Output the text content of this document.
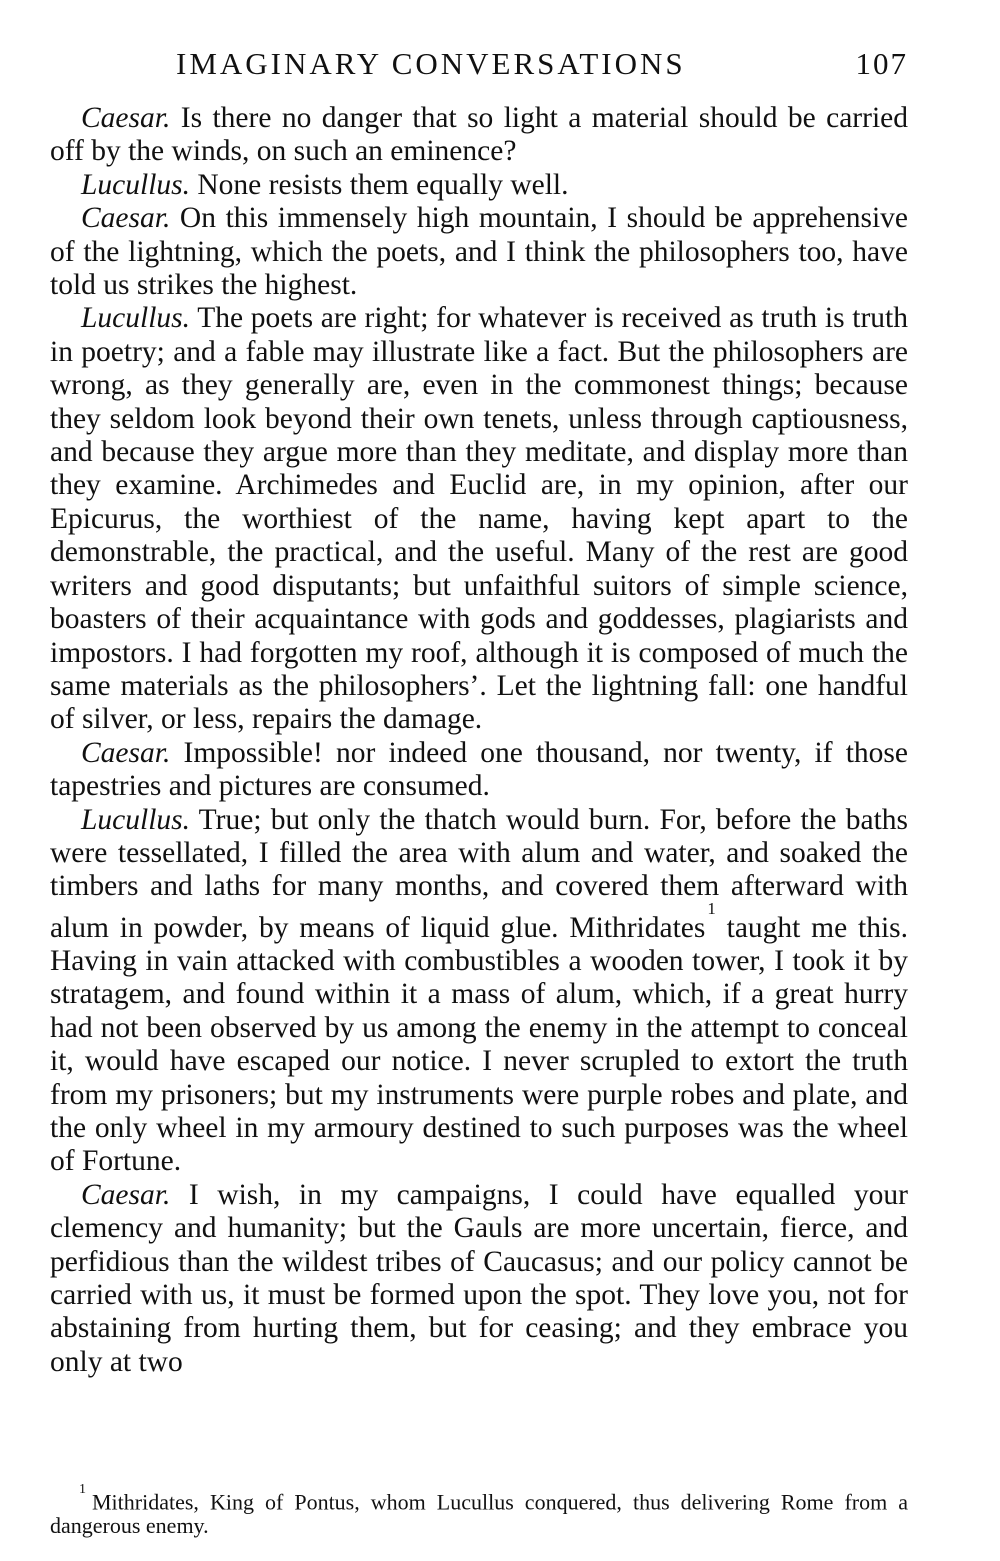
IMAGINARY CONVERSATIONS	107

Caesar. Is there no danger that so light a material should be carried off by the winds, on such an eminence?

Lucullus. None resists them equally well.

Caesar. On this immensely high mountain, I should be apprehensive of the lightning, which the poets, and I think the philosophers too, have told us strikes the highest.

Lucullus. The poets are right; for whatever is received as truth is truth in poetry; and a fable may illustrate like a fact. But the philosophers are wrong, as they generally are, even in the commonest things; because they seldom look beyond their own tenets, unless through captiousness, and because they argue more than they meditate, and display more than they examine. Archimedes and Euclid are, in my opinion, after our Epicurus, the worthiest of the name, having kept apart to the demonstrable, the practical, and the useful. Many of the rest are good writers and good disputants; but unfaithful suitors of simple science, boasters of their acquaintance with gods and goddesses, plagiarists and impostors. I had forgotten my roof, although it is composed of much the same materials as the philosophers’. Let the lightning fall: one handful of silver, or less, repairs the damage.

Caesar. Impossible! nor indeed one thousand, nor twenty, if those tapestries and pictures are consumed.

Lucullus. True; but only the thatch would burn. For, before the baths were tessellated, I filled the area with alum and water, and soaked the timbers and laths for many months, and covered them afterward with alum in powder, by means of liquid glue. Mithridates$^1$ taught me this. Having in vain attacked with combustibles a wooden tower, I took it by stratagem, and found within it a mass of alum, which, if a great hurry had not been observed by us among the enemy in the attempt to conceal it, would have escaped our notice. I never scrupled to extort the truth from my prisoners; but my instruments were purple robes and plate, and the only wheel in my armoury destined to such purposes was the wheel of Fortune.

Caesar. I wish, in my campaigns, I could have equalled your clemency and humanity; but the Gauls are more uncertain, fierce, and perfidious than the wildest tribes of Caucasus; and our policy cannot be carried with us, it must be formed upon the spot. They love you, not for abstaining from hurting them, but for ceasing; and they embrace you only at two

$^1$ Mithridates, King of Pontus, whom Lucullus conquered, thus delivering Rome from a dangerous enemy.
